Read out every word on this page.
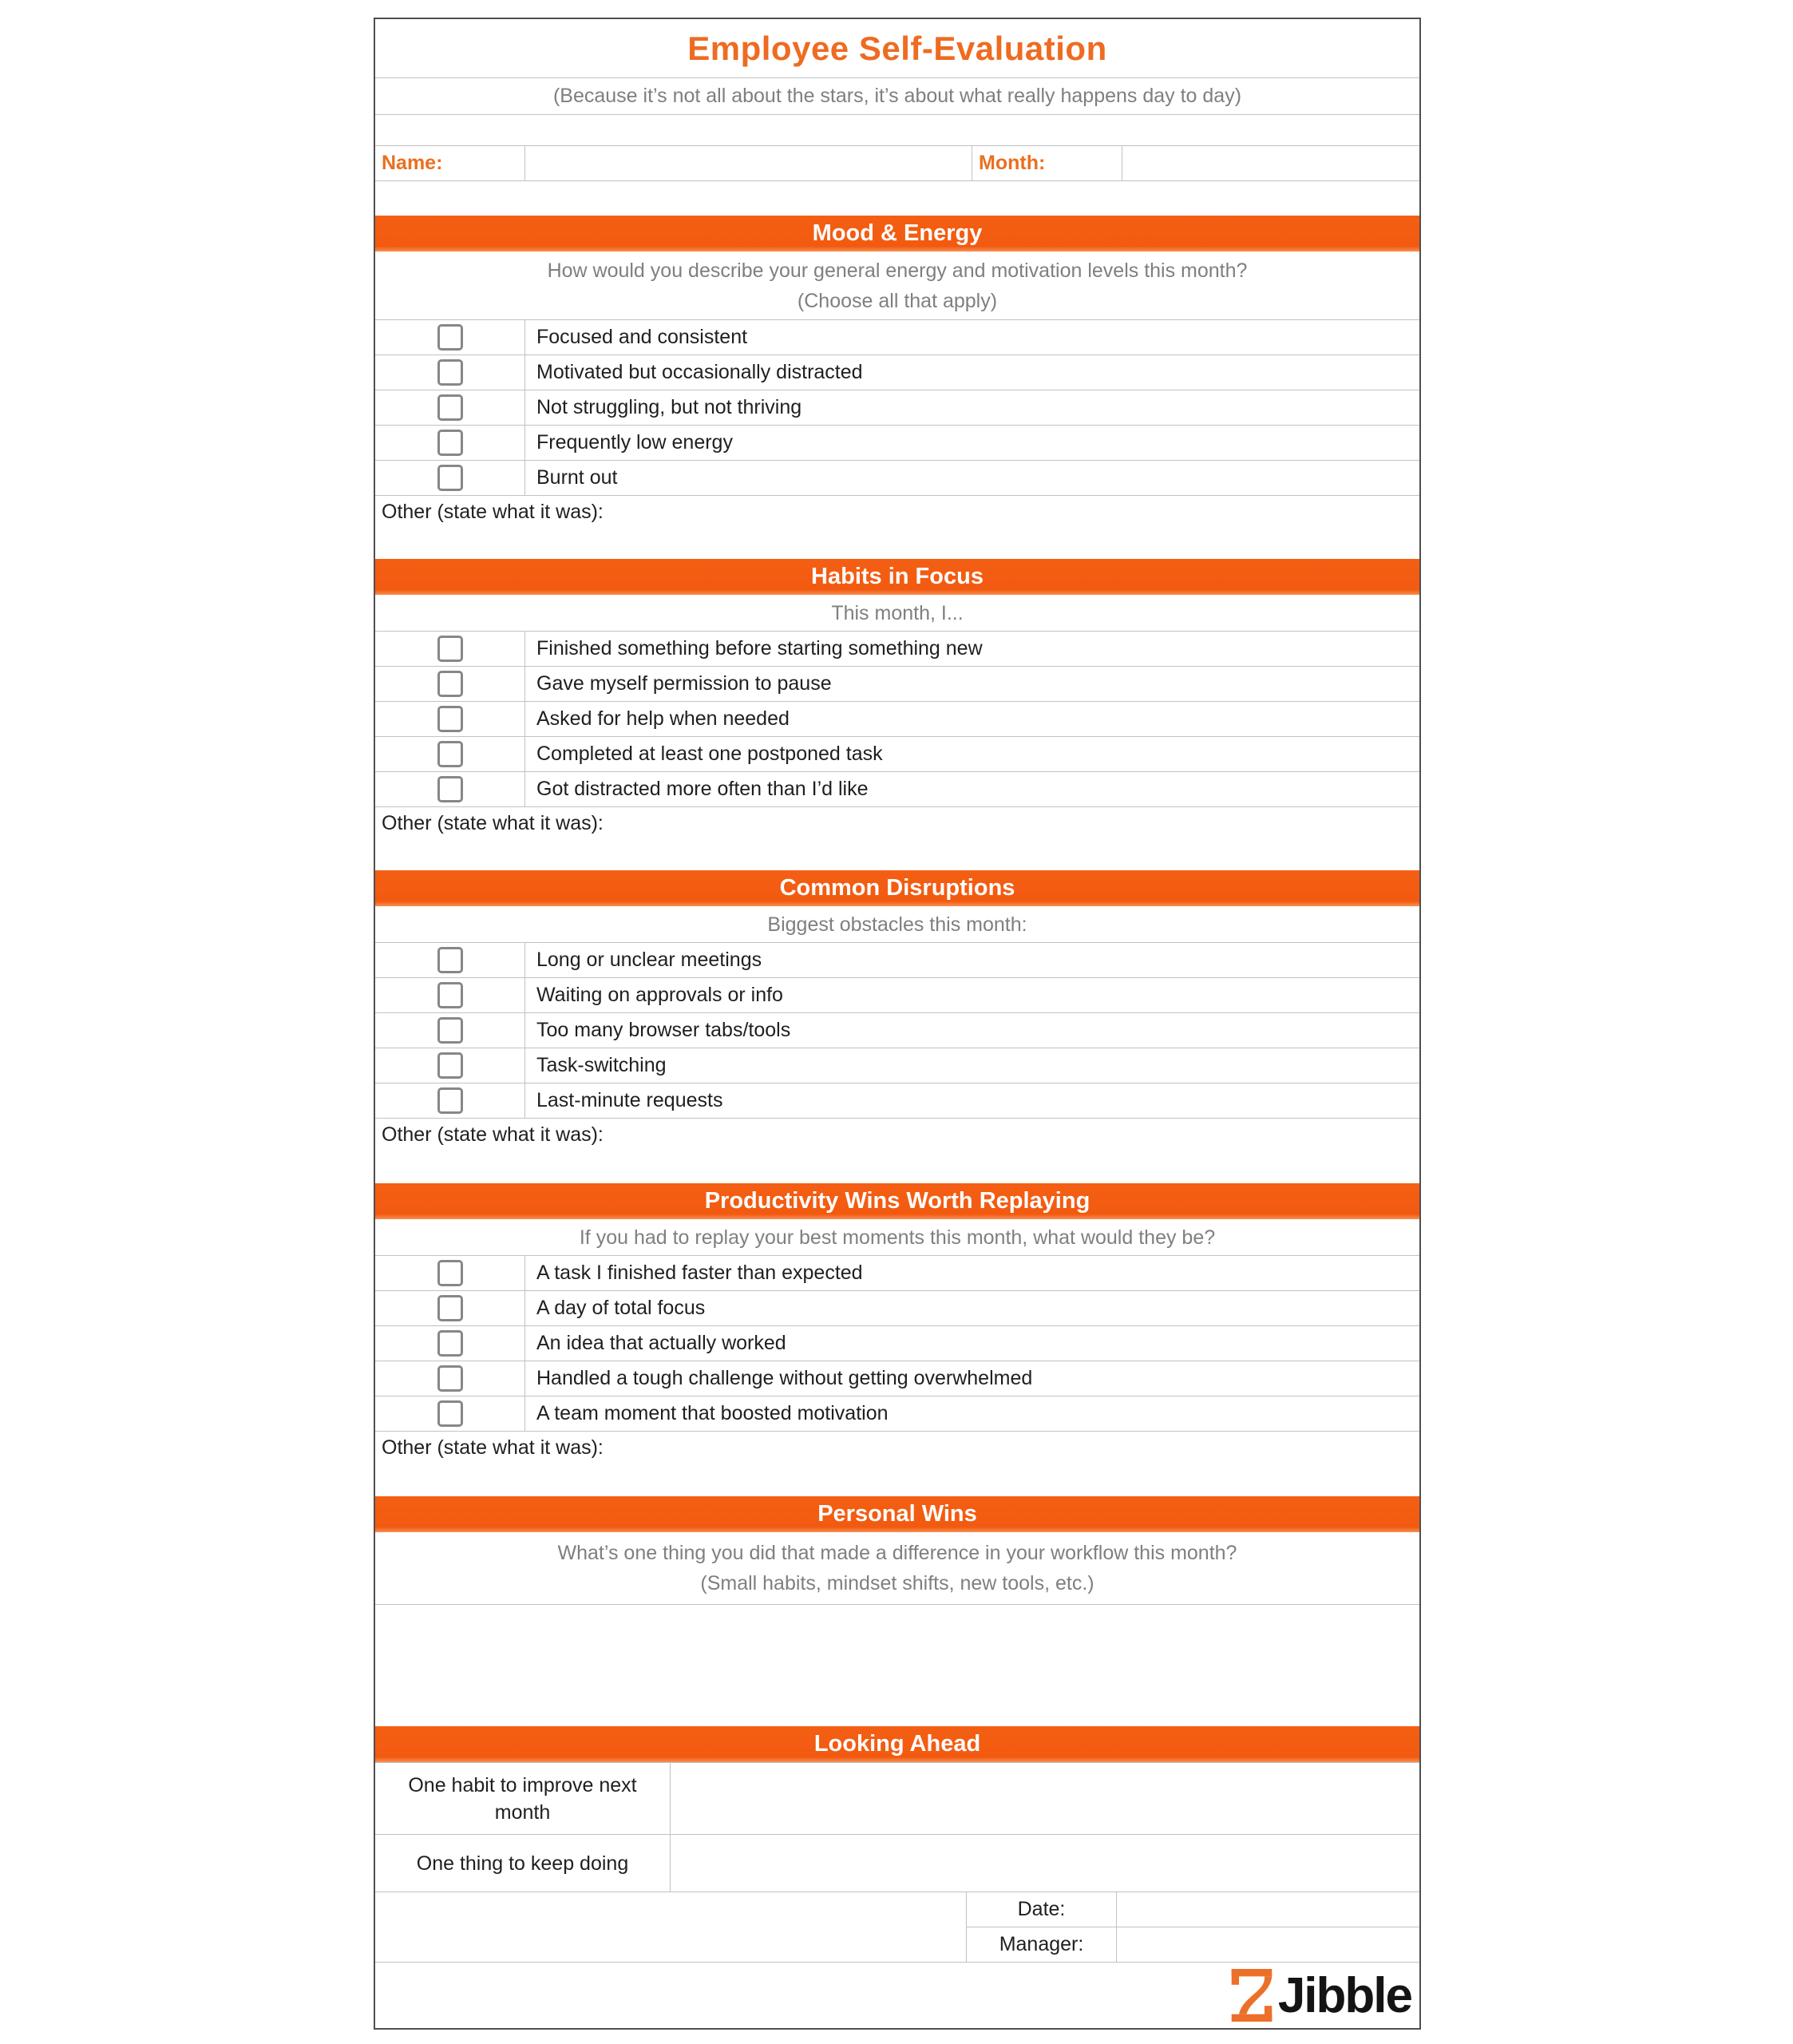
Employee Self-Evaluation
(Because it’s not all about the stars, it’s about what really happens day to day)
Name:	Month:
Mood & Energy
How would you describe your general energy and motivation levels this month?
(Choose all that apply)
Focused and consistent
Motivated but occasionally distracted
Not struggling, but not thriving
Frequently low energy
Burnt out
Other (state what it was):
Habits in Focus
This month, I...
Finished something before starting something new
Gave myself permission to pause
Asked for help when needed
Completed at least one postponed task
Got distracted more often than I’d like
Other (state what it was):
Common Disruptions
Biggest obstacles this month:
Long or unclear meetings
Waiting on approvals or info
Too many browser tabs/tools
Task-switching
Last-minute requests
Other (state what it was):
Productivity Wins Worth Replaying
If you had to replay your best moments this month, what would they be?
A task I finished faster than expected
A day of total focus
An idea that actually worked
Handled a tough challenge without getting overwhelmed
A team moment that boosted motivation
Other (state what it was):
Personal Wins
What’s one thing you did that made a difference in your workflow this month?
(Small habits, mindset shifts, new tools, etc.)
Looking Ahead
One habit to improve next month
One thing to keep doing
Date:
Manager:
Jibble
